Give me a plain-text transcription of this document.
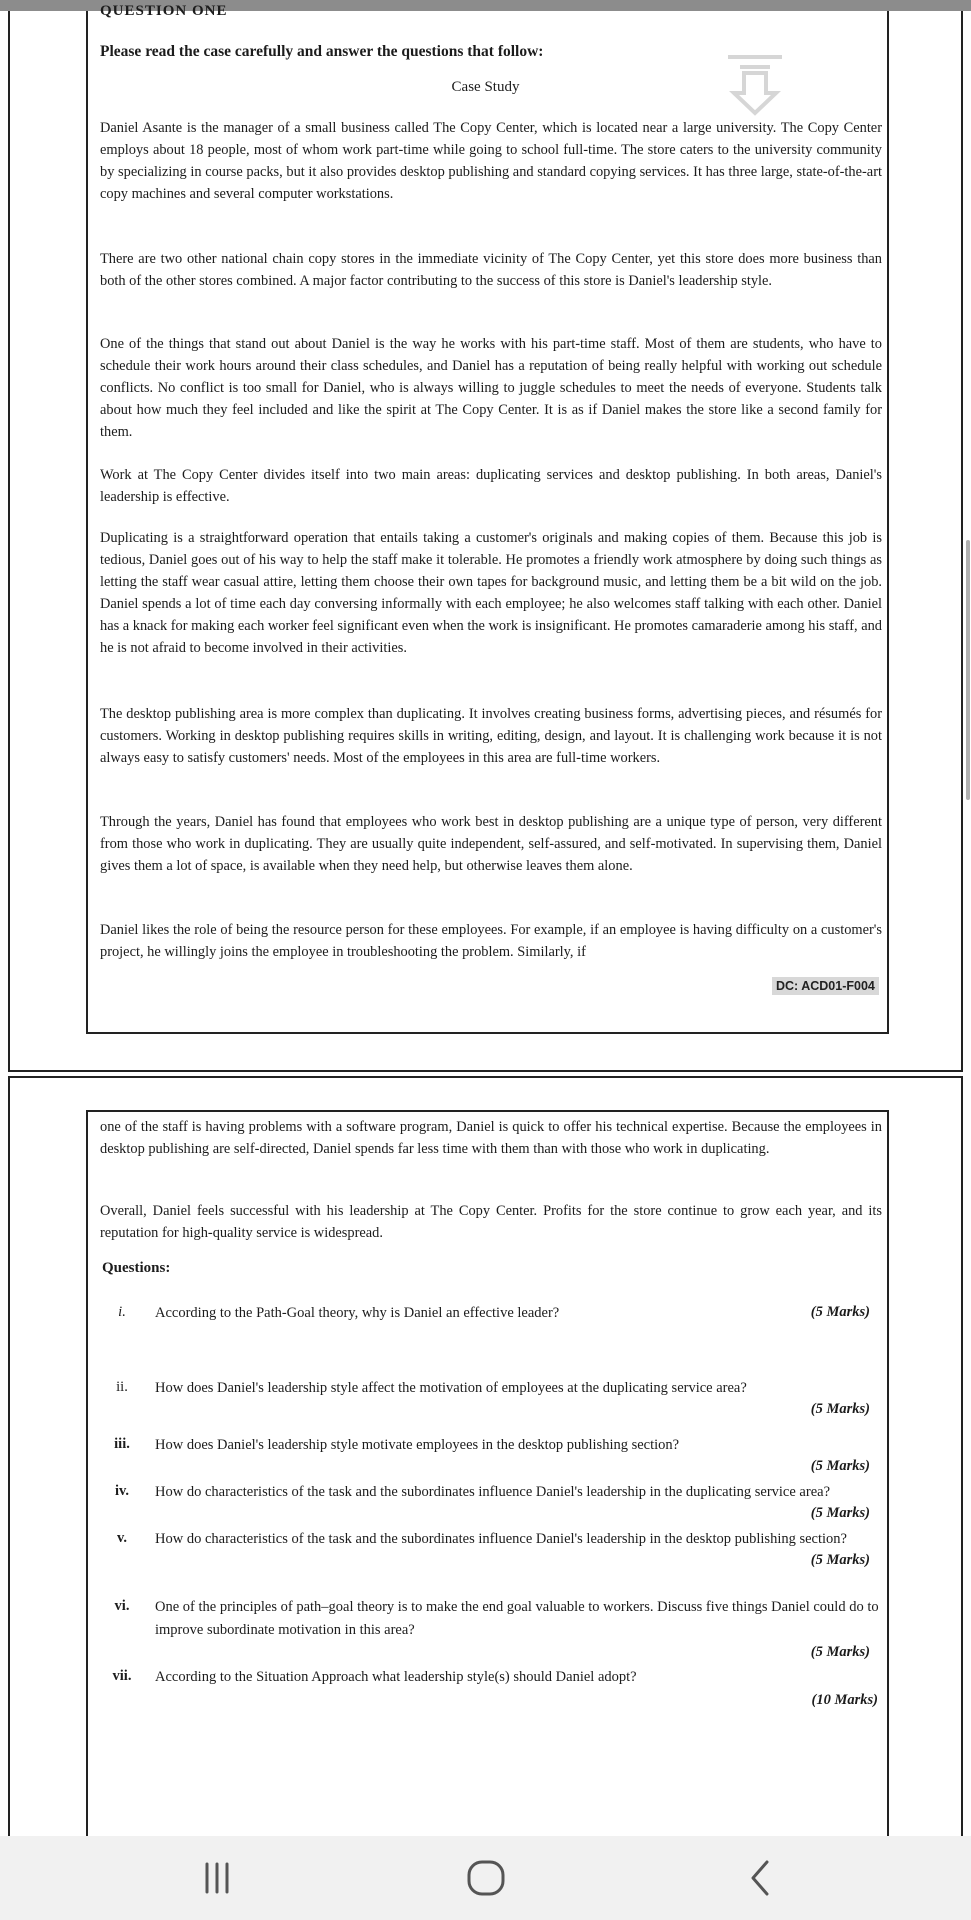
QUESTION ONE
Please read the case carefully and answer the questions that follow:
Case Study

Daniel Asante is the manager of a small business called The Copy Center, which is located near a large university. The Copy Center employs about 18 people, most of whom work part-time while going to school full-time. The store caters to the university community by specializing in course packs, but it also provides desktop publishing and standard copying services. It has three large, state-of-the-art copy machines and several computer workstations.

There are two other national chain copy stores in the immediate vicinity of The Copy Center, yet this store does more business than both of the other stores combined. A major factor contributing to the success of this store is Daniel's leadership style.

One of the things that stand out about Daniel is the way he works with his part-time staff. Most of them are students, who have to schedule their work hours around their class schedules, and Daniel has a reputation of being really helpful with working out schedule conflicts. No conflict is too small for Daniel, who is always willing to juggle schedules to meet the needs of everyone. Students talk about how much they feel included and like the spirit at The Copy Center. It is as if Daniel makes the store like a second family for them.

Work at The Copy Center divides itself into two main areas: duplicating services and desktop publishing. In both areas, Daniel's leadership is effective.

Duplicating is a straightforward operation that entails taking a customer's originals and making copies of them. Because this job is tedious, Daniel goes out of his way to help the staff make it tolerable. He promotes a friendly work atmosphere by doing such things as letting the staff wear casual attire, letting them choose their own tapes for background music, and letting them be a bit wild on the job. Daniel spends a lot of time each day conversing informally with each employee; he also welcomes staff talking with each other. Daniel has a knack for making each worker feel significant even when the work is insignificant. He promotes camaraderie among his staff, and he is not afraid to become involved in their activities.

The desktop publishing area is more complex than duplicating. It involves creating business forms, advertising pieces, and résumés for customers. Working in desktop publishing requires skills in writing, editing, design, and layout. It is challenging work because it is not always easy to satisfy customers' needs. Most of the employees in this area are full-time workers.

Through the years, Daniel has found that employees who work best in desktop publishing are a unique type of person, very different from those who work in duplicating. They are usually quite independent, self-assured, and self-motivated. In supervising them, Daniel gives them a lot of space, is available when they need help, but otherwise leaves them alone.

Daniel likes the role of being the resource person for these employees. For example, if an employee is having difficulty on a customer's project, he willingly joins the employee in troubleshooting the problem. Similarly, if

DC: ACD01-F004

one of the staff is having problems with a software program, Daniel is quick to offer his technical expertise. Because the employees in desktop publishing are self-directed, Daniel spends far less time with them than with those who work in duplicating.

Overall, Daniel feels successful with his leadership at The Copy Center. Profits for the store continue to grow each year, and its reputation for high-quality service is widespread.

Questions:
i.	According to the Path-Goal theory, why is Daniel an effective leader?	(5 Marks)
ii.	How does Daniel's leadership style affect the motivation of employees at the duplicating service area?

(5 Marks)
iii.	How does Daniel's leadership style motivate employees in the desktop publishing section?

(5 Marks)
iv.	How do characteristics of the task and the subordinates influence Daniel's leadership in the duplicating service area?

(5 Marks)
v.	How do characteristics of the task and the subordinates influence Daniel's leadership in the desktop publishing section?

(5 Marks)
vi.	One of the principles of path–goal theory is to make the end goal valuable to workers. Discuss five things Daniel could do to improve subordinate motivation in this area?

(5 Marks)
vii.	According to the Situation Approach what leadership style(s) should Daniel adopt?

(10 Marks)
